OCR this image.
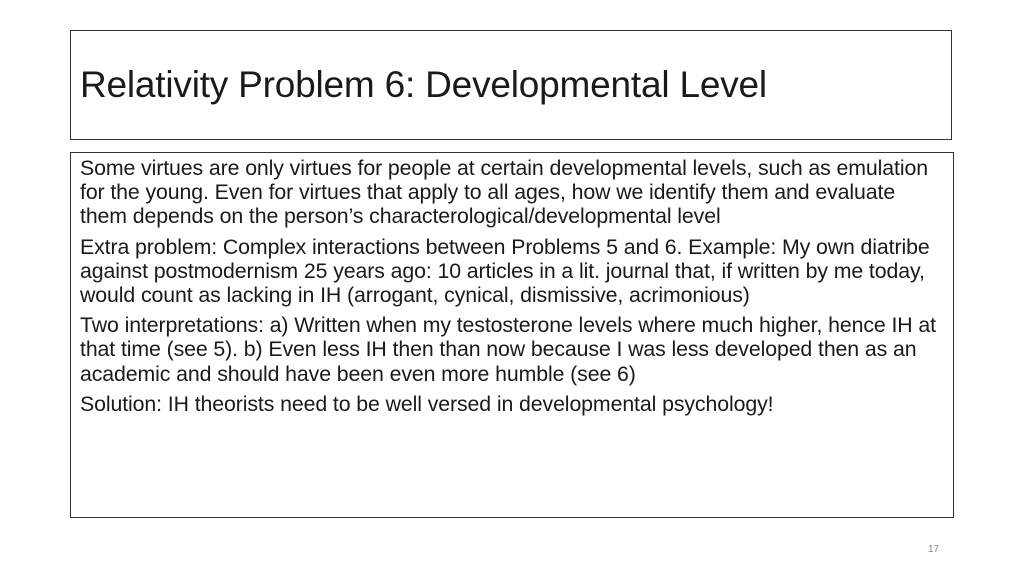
Relativity Problem 6: Developmental Level

Some virtues are only virtues for people at certain developmental levels, such as emulation for the young. Even for virtues that apply to all ages, how we identify them and evaluate them depends on the person’s characterological/developmental level

Extra problem: Complex interactions between Problems 5 and 6. Example: My own diatribe against postmodernism 25 years ago: 10 articles in a lit. journal that, if written by me today, would count as lacking in IH (arrogant, cynical, dismissive, acrimonious)

Two interpretations: a) Written when my testosterone levels where much higher, hence IH at that time (see 5). b) Even less IH then than now because I was less developed then as an academic and should have been even more humble (see 6)

Solution: IH theorists need to be well versed in developmental psychology!

17
